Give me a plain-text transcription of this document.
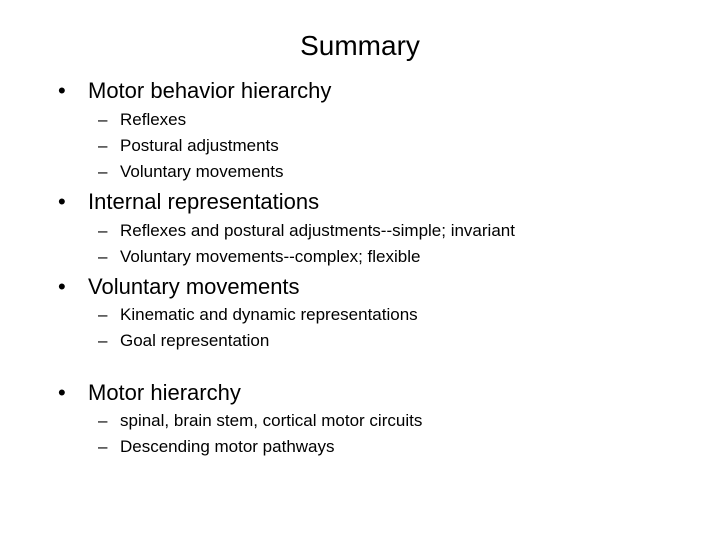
Summary
• Motor behavior hierarchy
– Reflexes
– Postural adjustments
– Voluntary movements
• Internal representations
– Reflexes and postural adjustments--simple; invariant
– Voluntary movements--complex; flexible
• Voluntary movements
– Kinematic and dynamic representations
– Goal representation
• Motor hierarchy
– spinal, brain stem, cortical motor circuits
– Descending motor pathways
